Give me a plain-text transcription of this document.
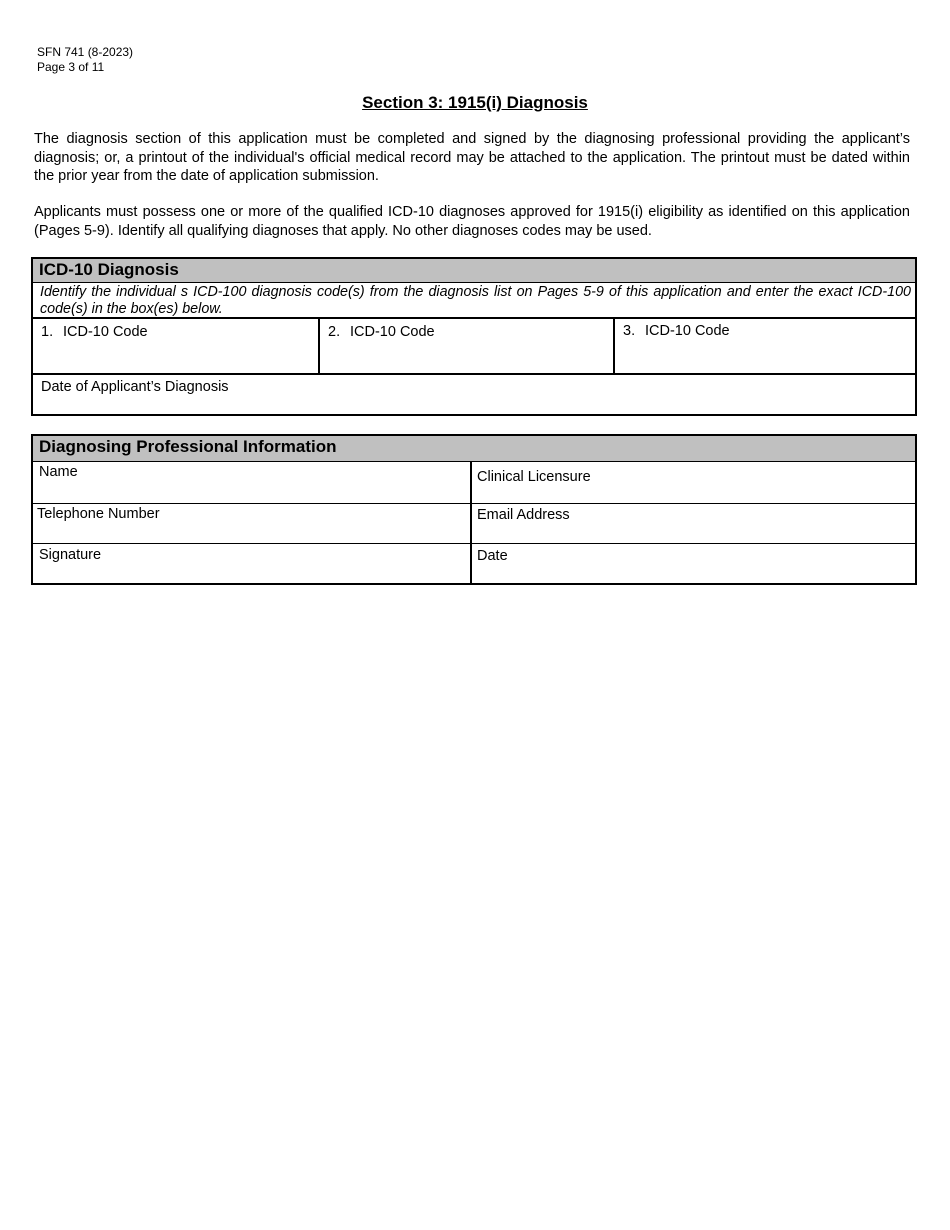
SFN 741 (8-2023)
Page 3 of 11
Section 3: 1915(i) Diagnosis

The diagnosis section of this application must be completed and signed by the diagnosing professional providing the applicant’s diagnosis; or, a printout of the individual's official medical record may be attached to the application. The printout must be dated within the prior year from the date of application submission.

Applicants must possess one or more of the qualified ICD-10 diagnoses approved for 1915(i) eligibility as identified on this application (Pages 5-9). Identify all qualifying diagnoses that apply. No other diagnoses codes may be used.

ICD-10 Diagnosis
Identify the individual s ICD-100 diagnosis code(s) from the diagnosis list on Pages 5-9 of this application and enter the exact ICD-100 code(s) in the box(es) below.
1. ICD-10 Code	2. ICD-10 Code	3. ICD-10 Code
Date of Applicant’s Diagnosis
Diagnosing Professional Information
Name	Clinical Licensure
Telephone Number	Email Address
Signature	Date
